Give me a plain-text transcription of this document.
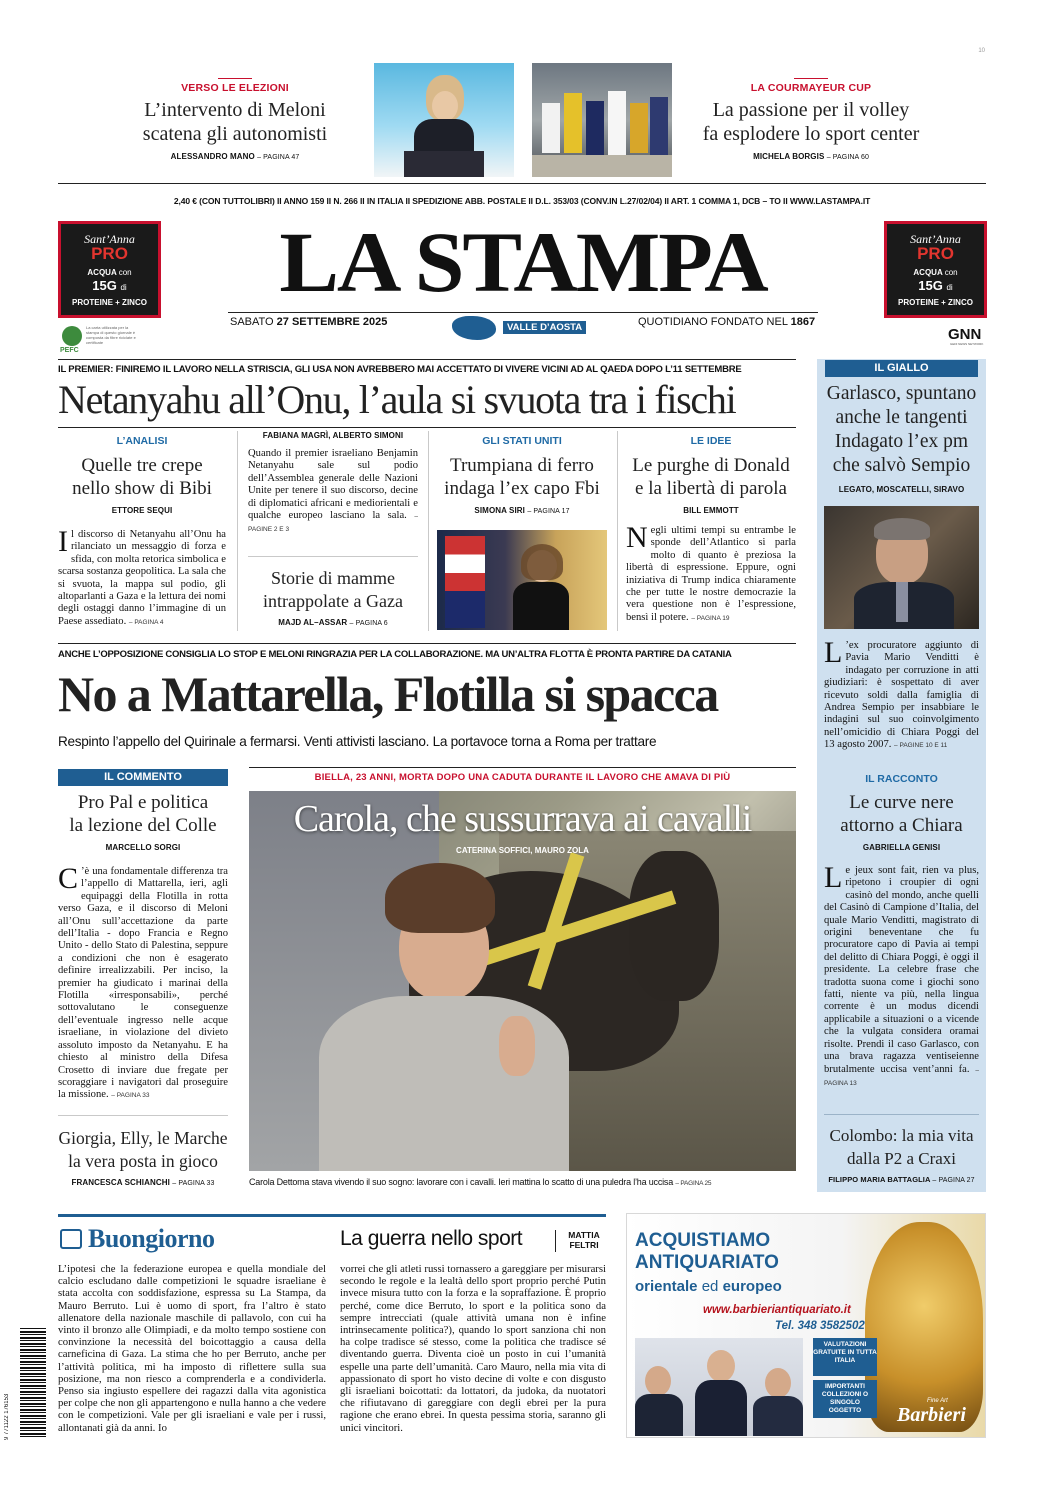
10
VERSO LE ELEZIONI
L’intervento di Meloni
scatena gli autonomisti
ALESSANDRO MANO – PAGINA 47
LA COURMAYEUR CUP
La passione per il volley
fa esplodere lo sport center
MICHELA BORGIS – PAGINA 60
2,40 € (CON TUTTOLIBRI) II ANNO 159 II N. 266 II IN ITALIA II SPEDIZIONE ABB. POSTALE II D.L. 353/03 (CONV.IN L.27/02/04) II ART. 1 COMMA 1, DCB – TO II WWW.LASTAMPA.IT
Sant’Anna
PRO
ACQUA con
15G di
PROTEINE + ZINCO
Sant’Anna
PRO
ACQUA con
15G di
PROTEINE + ZINCO
LA STAMPA
SABATO 27 SETTEMBRE 2025	VALLE D’AOSTA	QUOTIDIANO FONDATO NEL 1867
GNN
GEDI NEWS NETWORK
PEFC
La carta utilizzata per la stampa di questo giornale è composta da fibre riciclate e certificate
IL PREMIER: FINIREMO IL LAVORO NELLA STRISCIA, GLI USA NON AVREBBERO MAI ACCETTATO DI VIVERE VICINI AD AL QAEDA DOPO L’11 SETTEMBRE
Netanyahu all’Onu, l’aula si svuota tra i fischi
L’ANALISI
Quelle tre crepe
nello show di Bibi
ETTORE SEQUI
Il discorso di Netanyahu all’Onu ha rilanciato un messaggio di forza e sfida, con molta retorica simbolica e scarsa sostanza geopolitica. La sala che si svuota, la mappa sul podio, gli altoparlanti a Gaza e la lettura dei nomi degli ostaggi danno l’immagine di un Paese assediato. – PAGINA 4
FABIANA MAGRÌ, ALBERTO SIMONI
Quando il premier israeliano Benjamin Netanyahu sale sul podio dell’Assemblea generale delle Nazioni Unite per tenere il suo discorso, decine di diplomatici africani e mediorientali e qualche europeo lasciano la sala. – PAGINE 2 E 3
Storie di mamme
intrappolate a Gaza
MAJD AL–ASSAR – PAGINA 6
GLI STATI UNITI
Trumpiana di ferro
indaga l’ex capo Fbi
SIMONA SIRI – PAGINA 17
LE IDEE
Le purghe di Donald
e la libertà di parola
BILL EMMOTT
Negli ultimi tempi su entrambe le sponde dell’Atlantico si parla molto di quanto è preziosa la libertà di espressione. Eppure, ogni iniziativa di Trump indica chiaramente che per tutte le nostre democrazie la vera questione non è l’espressione, bensì il potere. – PAGINA 19
IL GIALLO
Garlasco, spuntano
anche le tangenti
Indagato l’ex pm
che salvò Sempio
LEGATO, MOSCATELLI, SIRAVO
L ’ex procuratore aggiunto di Pavia Mario Venditti è indagato per corruzione in atti giudiziari: è sospettato di aver ricevuto soldi dalla famiglia di Andrea Sempio per insabbiare le indagini sul suo coinvolgimento nell’omicidio di Chiara Poggi del 13 agosto 2007. – PAGINE 10 E 11
ANCHE L’OPPOSIZIONE CONSIGLIA LO STOP E MELONI RINGRAZIA PER LA COLLABORAZIONE. MA UN’ALTRA FLOTTA È PRONTA PARTIRE DA CATANIA
No a Mattarella, Flotilla si spacca
Respinto l’appello del Quirinale a fermarsi. Venti attivisti lasciano. La portavoce torna a Roma per trattare
IL COMMENTO
Pro Pal e politica
la lezione del Colle
MARCELLO SORGI
C ’è una fondamentale differenza tra l’appello di Mattarella, ieri, agli equipaggi della Flotilla in rotta verso Gaza, e il discorso di Meloni all’Onu sull’accettazione da parte dell’Italia - dopo Francia e Regno Unito - dello Stato di Palestina, seppure a condizioni che non è esagerato definire irrealizzabili. Per inciso, la premier ha giudicato i marinai della Flotilla «irresponsabili», perché sottovalutano le conseguenze dell’eventuale ingresso nelle acque israeliane, in violazione del divieto assoluto imposto da Netanyahu. E ha chiesto al ministro della Difesa Crosetto di inviare due fregate per scoraggiare i navigatori dal proseguire la missione. – PAGINA 33
Giorgia, Elly, le Marche
la vera posta in gioco
FRANCESCA SCHIANCHI – PAGINA 33
BIELLA, 23 ANNI, MORTA DOPO UNA CADUTA DURANTE IL LAVORO CHE AMAVA DI PIÙ
Carola, che sussurrava ai cavalli
CATERINA SOFFICI, MAURO ZOLA
Carola Dettoma stava vivendo il suo sogno: lavorare con i cavalli. Ieri mattina lo scatto di una puledra l’ha uccisa – PAGINA 25
IL RACCONTO
Le curve nere
attorno a Chiara
GABRIELLA GENISI
Le jeux sont fait, rien va plus, ripetono i croupier di ogni casinò del mondo, anche quelli del Casinò di Campione d’Italia, del quale Mario Venditti, magistrato di origini beneventane che fu procuratore capo di Pavia ai tempi del delitto di Chiara Poggi, è oggi il presidente. La celebre frase che tradotta suona come i giochi sono fatti, niente va più, nella lingua corrente è un modus dicendi applicabile a situazioni o a vicende che la vulgata considera oramai risolte. Prendi il caso Garlasco, con una brava ragazza ventiseienne brutalmente uccisa vent’anni fa. – PAGINA 13
Colombo: la mia vita
dalla P2 a Craxi
FILIPPO MARIA BATTAGLIA – PAGINA 27
Buongiorno	La guerra nello sport	MATTIA
FELTRI
L’ipotesi che la federazione europea e quella mondiale del calcio escludano dalle competizioni le squadre israeliane è stata accolta con soddisfazione, espressa su La Stampa, da Mauro Berruto. Lui è uomo di sport, fra l’altro è stato allenatore della nazionale maschile di pallavolo, con cui ha vinto il bronzo alle Olimpiadi, e da molto tempo sostiene con convinzione la necessità del boicottaggio a causa della carneficina di Gaza. La stima che ho per Berruto, anche per l’attività politica, mi ha imposto di riflettere sulla sua posizione, ma non riesco a comprenderla e a condividerla. Penso sia ingiusto espellere dei ragazzi dalla vita agonistica per colpe che non gli appartengono e nulla hanno a che vedere con le competizioni. Vale per gli israeliani e vale per i russi, allontanati già da anni. Io
vorrei che gli atleti russi tornassero a gareggiare per misurarsi secondo le regole e la lealtà dello sport proprio perché Putin invece misura tutto con la forza e la sopraffazione. È proprio perché, come dice Berruto, lo sport e la politica sono da sempre intrecciati (quale attività umana non è infine intrinsecamente politica?), quando lo sport sanziona chi non ha colpe tradisce sé stesso, come la politica che tradisce sé diventando guerra. Diventa cioè un posto in cui l’umanità espelle una parte dell’umanità. Caro Mauro, nella mia vita di appassionato di sport ho visto decine di volte e con disgusto gli israeliani boicottati: da lottatori, da judoka, da nuotatori che rifiutavano di gareggiare con degli ebrei per la pura ragione che erano ebrei. In questa pessima storia, saranno gli unici vincitori.
9 771122 176153
ACQUISTIAMO
ANTIQUARIATO
orientale ed europeo
www.barbieriantiquariato.it
Tel. 348 3582502
VALUTAZIONI GRATUITE IN TUTTA ITALIA
IMPORTANTI COLLEZIONI O SINGOLO OGGETTO	Barbieri
Fine Art
